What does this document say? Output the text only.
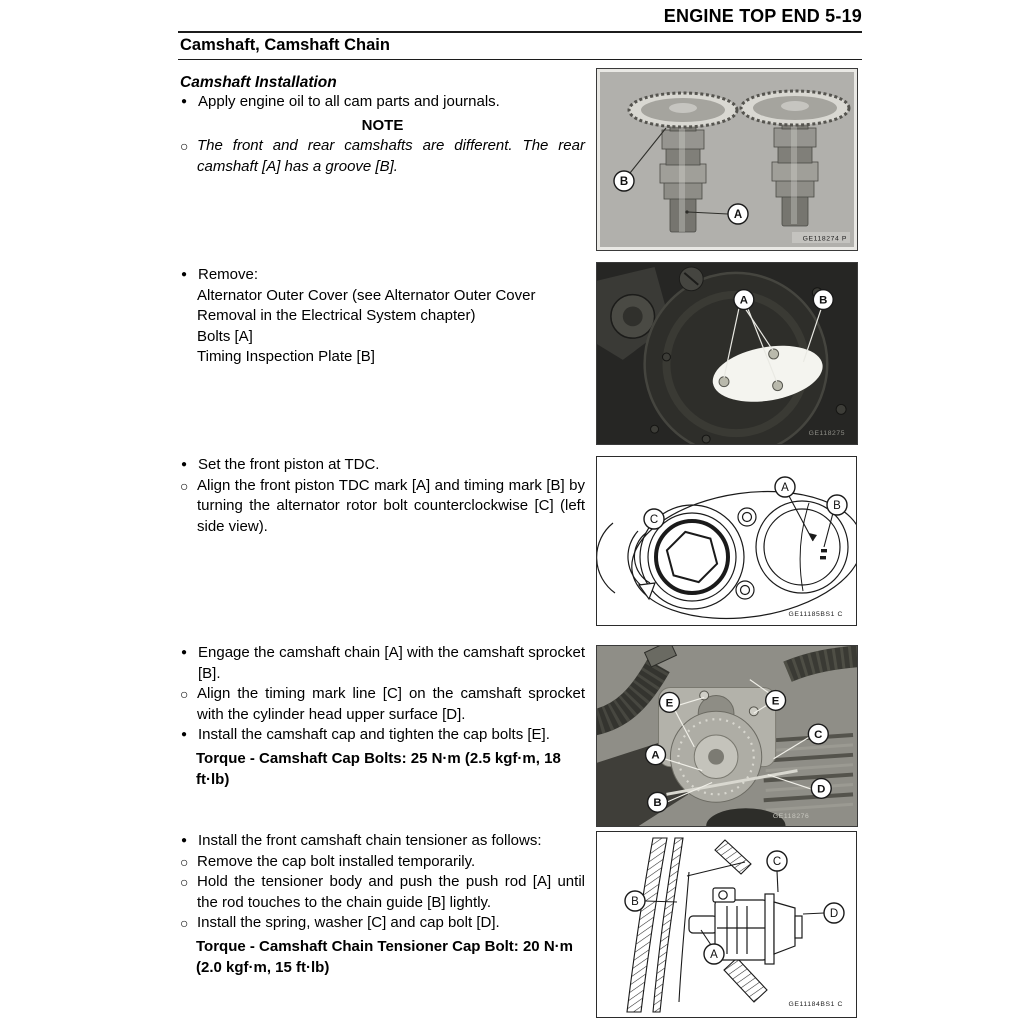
ENGINE TOP END 5-19
Camshaft, Camshaft Chain
Camshaft Installation
● Apply engine oil to all cam parts and journals.
NOTE
○ The front and rear camshafts are different. The rear camshaft [A] has a groove [B].
● Remove:
Alternator Outer Cover (see Alternator Outer Cover Removal in the Electrical System chapter)
Bolts [A]
Timing Inspection Plate [B]
● Set the front piston at TDC.
○ Align the front piston TDC mark [A] and timing mark [B] by turning the alternator rotor bolt counterclockwise [C] (left side view).
● Engage the camshaft chain [A] with the camshaft sprocket [B].
○ Align the timing mark line [C] on the camshaft sprocket with the cylinder head upper surface [D].
● Install the camshaft cap and tighten the cap bolts [E].
Torque - Camshaft Cap Bolts: 25 N·m (2.5 kgf·m, 18 ft·lb)
● Install the front camshaft chain tensioner as follows:
○ Remove the cap bolt installed temporarily.
○ Hold the tensioner body and push the push rod [A] until the rod touches to the chain guide [B] lightly.
○ Install the spring, washer [C] and cap bolt [D].
Torque - Camshaft Chain Tensioner Cap Bolt: 20 N·m (2.0 kgf·m, 15 ft·lb)
B
A
GE118274 P
A	B
GE118275
C
A
B
GE11185BS1 C
E	E
A
B
C
D
GE118276
B
A
C
D
GE11184BS1 C
